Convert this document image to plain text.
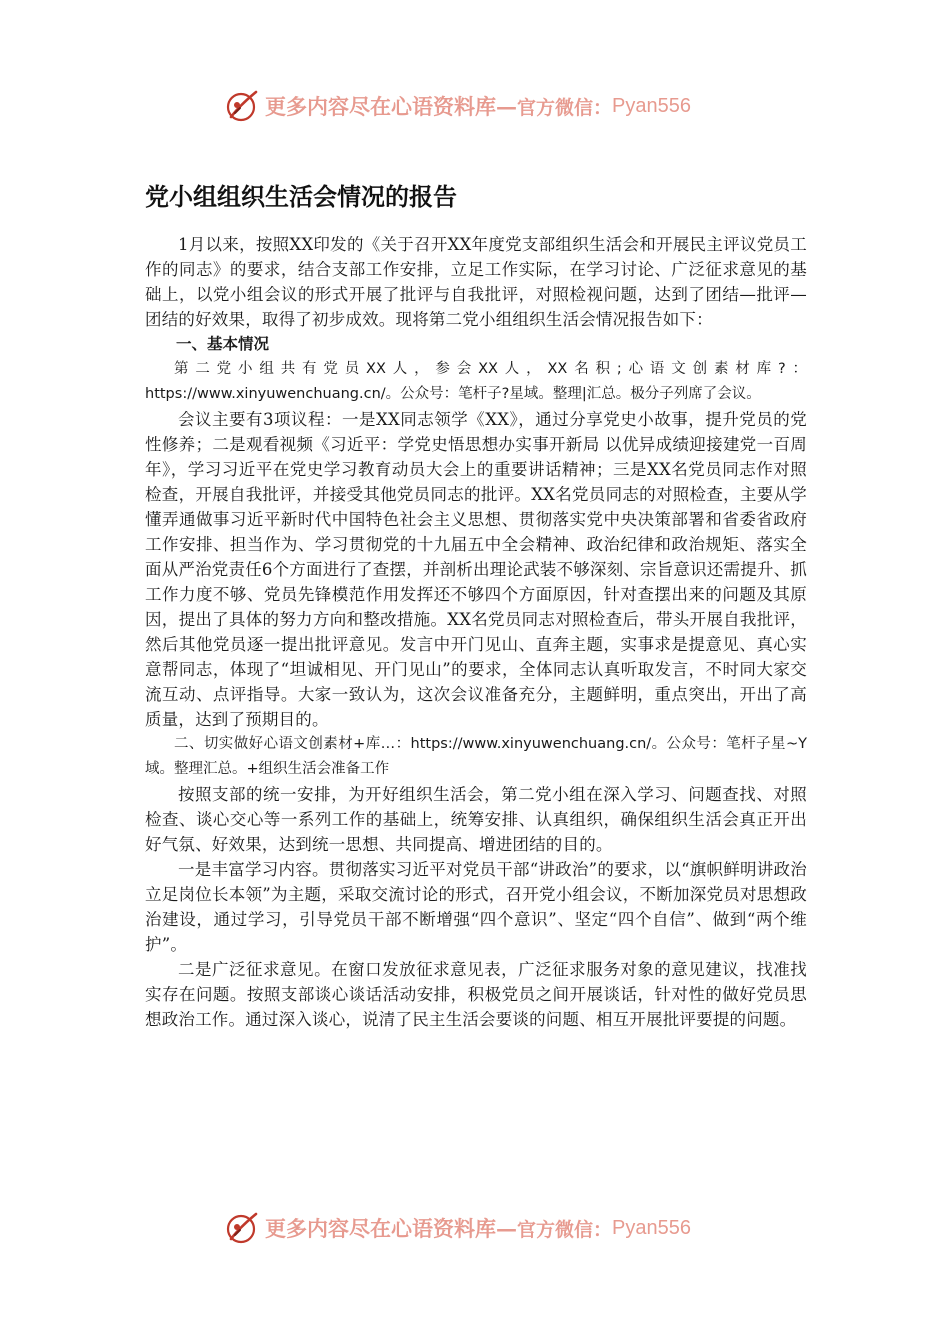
更多内容尽在心语资料库— 官方微信： Pyan556
党小组组织生活会情况的报告

1月以来，按照XX印发的《关于召开XX年度党支部组织生活会和开展民主评议党员工作的同志》的要求，结合支部工作安排，立足工作实际，在学习讨论、广泛征求意见的基础上，以党小组会议的形式开展了批评与自我批评，对照检视问题，达到了团结—批评—团结的好效果，取得了初步成效。现将第二党小组组织生活会情况报告如下：

一、基本情况

第二党小组共有党员XX人，参会XX人，XX名积;心语文创素材库?：https://www.xinyuwenchuang.cn/。公众号：笔杆子?星域。整理|汇总。极分子列席了会议。

会议主要有3项议程：一是XX同志领学《XX》，通过分享党史小故事，提升党员的党性修养；二是观看视频《习近平：学党史悟思想办实事开新局 以优异成绩迎接建党一百周年》，学习习近平在党史学习教育动员大会上的重要讲话精神；三是XX名党员同志作对照检查，开展自我批评，并接受其他党员同志的批评。XX名党员同志的对照检查，主要从学懂弄通做事习近平新时代中国特色社会主义思想、贯彻落实党中央决策部署和省委省政府工作安排、担当作为、学习贯彻党的十九届五中全会精神、政治纪律和政治规矩、落实全面从严治党责任6个方面进行了查摆，并剖析出理论武装不够深刻、宗旨意识还需提升、抓工作力度不够、党员先锋模范作用发挥还不够四个方面原因，针对查摆出来的问题及其原因，提出了具体的努力方向和整改措施。XX名党员同志对照检查后，带头开展自我批评，然后其他党员逐一提出批评意见。发言中开门见山、直奔主题，实事求是提意见、真心实意帮同志，体现了“坦诚相见、开门见山”的要求，全体同志认真听取发言，不时同大家交流互动、点评指导。大家一致认为，这次会议准备充分，主题鲜明，重点突出，开出了高质量，达到了预期目的。

二、切实做好心语文创素材+库…：https://www.xinyuwenchuang.cn/。公众号：笔杆子星~Y域。整理汇总。+组织生活会准备工作

按照支部的统一安排，为开好组织生活会，第二党小组在深入学习、问题查找、对照检查、谈心交心等一系列工作的基础上，统筹安排、认真组织，确保组织生活会真正开出好气氛、好效果，达到统一思想、共同提高、增进团结的目的。

一是丰富学习内容。贯彻落实习近平对党员干部“讲政治”的要求，以“旗帜鲜明讲政治　　立足岗位长本领”为主题，采取交流讨论的形式，召开党小组会议，不断加深党员对思想政治建设，通过学习，引导党员干部不断增强“四个意识”、坚定“四个自信”、做到“两个维护”。

二是广泛征求意见。在窗口发放征求意见表，广泛征求服务对象的意见建议，找准找实存在问题。按照支部谈心谈话活动安排，积极党员之间开展谈话，针对性的做好党员思想政治工作。通过深入谈心，说清了民主生活会要谈的问题、相互开展批评要提的问题。

更多内容尽在心语资料库— 官方微信： Pyan556
